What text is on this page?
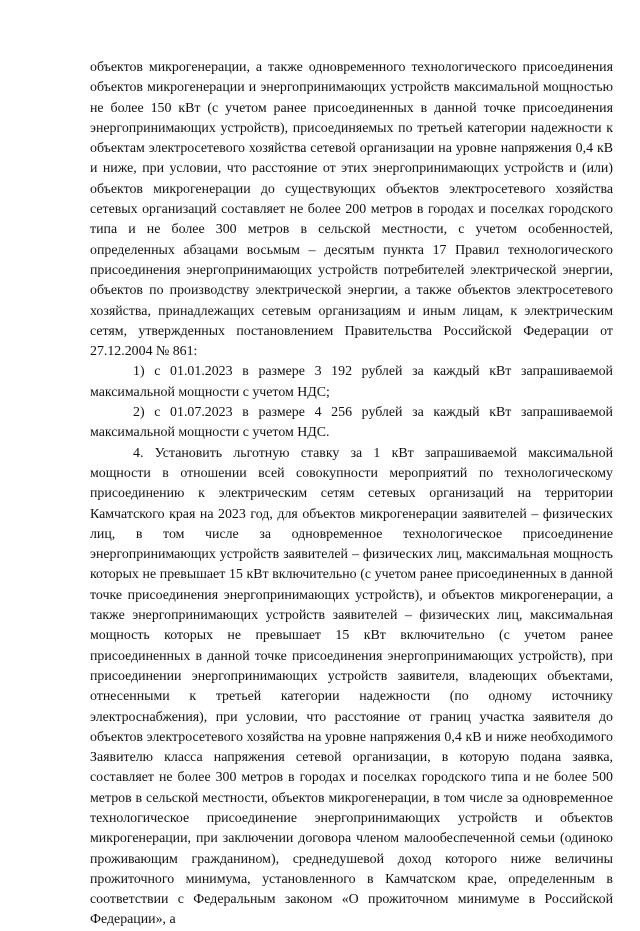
объектов микрогенерации, а также одновременного технологического присоединения объектов микрогенерации и энергопринимающих устройств максимальной мощностью не более 150 кВт (с учетом ранее присоединенных в данной точке присоединения энергопринимающих устройств), присоединяемых по третьей категории надежности к объектам электросетевого хозяйства сетевой организации на уровне напряжения 0,4 кВ и ниже, при условии, что расстояние от этих энергопринимающих устройств и (или) объектов микрогенерации до существующих объектов электросетевого хозяйства сетевых организаций составляет не более 200 метров в городах и поселках городского типа и не более 300 метров в сельской местности, с учетом особенностей, определенных абзацами восьмым – десятым пункта 17 Правил технологического присоединения энергопринимающих устройств потребителей электрической энергии, объектов по производству электрической энергии, а также объектов электросетевого хозяйства, принадлежащих сетевым организациям и иным лицам, к электрическим сетям, утвержденных постановлением Правительства Российской Федерации от 27.12.2004 № 861:

1) с 01.01.2023 в размере 3 192 рублей за каждый кВт запрашиваемой максимальной мощности с учетом НДС;

2) с 01.07.2023 в размере 4 256 рублей за каждый кВт запрашиваемой максимальной мощности с учетом НДС.

4. Установить льготную ставку за 1 кВт запрашиваемой максимальной мощности в отношении всей совокупности мероприятий по технологическому присоединению к электрическим сетям сетевых организаций на территории Камчатского края на 2023 год, для объектов микрогенерации заявителей – физических лиц, в том числе за одновременное технологическое присоединение энергопринимающих устройств заявителей – физических лиц, максимальная мощность которых не превышает 15 кВт включительно (с учетом ранее присоединенных в данной точке присоединения энергопринимающих устройств), и объектов микрогенерации, а также энергопринимающих устройств заявителей – физических лиц, максимальная мощность которых не превышает 15 кВт включительно (с учетом ранее присоединенных в данной точке присоединения энергопринимающих устройств), при присоединении энергопринимающих устройств заявителя, владеющих объектами, отнесенными к третьей категории надежности (по одному источнику электроснабжения), при условии, что расстояние от границ участка заявителя до объектов электросетевого хозяйства на уровне напряжения 0,4 кВ и ниже необходимого Заявителю класса напряжения сетевой организации, в которую подана заявка, составляет не более 300 метров в городах и поселках городского типа и не более 500 метров в сельской местности, объектов микрогенерации, в том числе за одновременное технологическое присоединение энергопринимающих устройств и объектов микрогенерации, при заключении договора членом малообеспеченной семьи (одиноко проживающим гражданином), среднедушевой доход которого ниже величины прожиточного минимума, установленного в Камчатском крае, определенным в соответствии с Федеральным законом «О прожиточном минимуме в Российской Федерации», а
